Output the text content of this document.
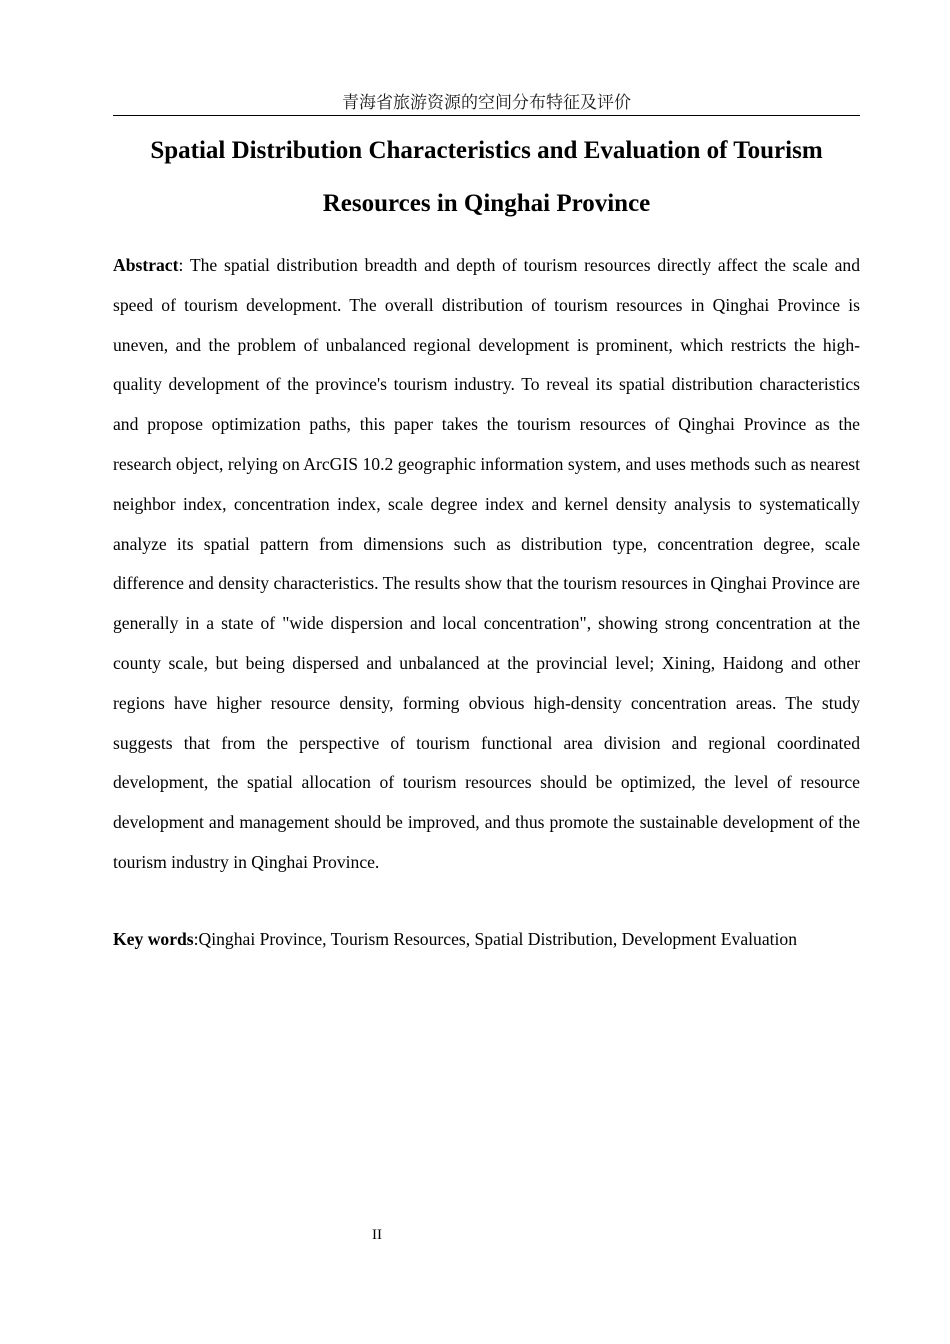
青海省旅游资源的空间分布特征及评价
Spatial Distribution Characteristics and Evaluation of Tourism Resources in Qinghai Province

Abstract: The spatial distribution breadth and depth of tourism resources directly affect the scale and speed of tourism development. The overall distribution of tourism resources in Qinghai Province is uneven, and the problem of unbalanced regional development is prominent, which restricts the high-quality development of the province's tourism industry. To reveal its spatial distribution characteristics and propose optimization paths, this paper takes the tourism resources of Qinghai Province as the research object, relying on ArcGIS 10.2 geographic information system, and uses methods such as nearest neighbor index, concentration index, scale degree index and kernel density analysis to systematically analyze its spatial pattern from dimensions such as distribution type, concentration degree, scale difference and density characteristics. The results show that the tourism resources in Qinghai Province are generally in a state of "wide dispersion and local concentration", showing strong concentration at the county scale, but being dispersed and unbalanced at the provincial level; Xining, Haidong and other regions have higher resource density, forming obvious high-density concentration areas. The study suggests that from the perspective of tourism functional area division and regional coordinated development, the spatial allocation of tourism resources should be optimized, the level of resource development and management should be improved, and thus promote the sustainable development of the tourism industry in Qinghai Province.

Key words:Qinghai Province, Tourism Resources, Spatial Distribution, Development Evaluation

II
